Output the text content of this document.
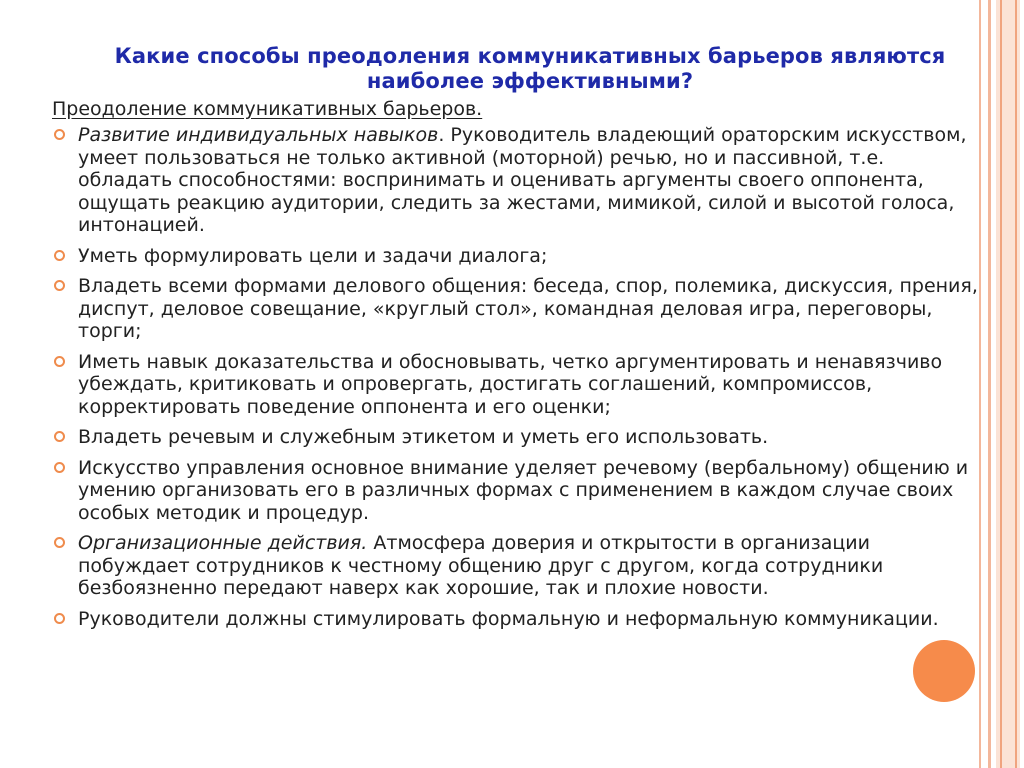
Какие способы преодоления коммуникативных барьеров являются наиболее эффективными?
Преодоление коммуникативных барьеров.
Развитие индивидуальных навыков. Руководитель владеющий ораторским искусством, умеет пользоваться не только активной (моторной) речью, но и пассивной, т.е. обладать способностями: воспринимать и оценивать аргументы своего оппонента, ощущать реакцию аудитории, следить за жестами, мимикой, силой и высотой голоса, интонацией.
Уметь формулировать цели и задачи диалога;
Владеть всеми формами делового общения: беседа, спор, полемика, дискуссия, прения, диспут, деловое совещание, «круглый стол», командная деловая игра, переговоры, торги;
Иметь навык доказательства и обосновывать, четко аргументировать и ненавязчиво убеждать, критиковать и опровергать, достигать соглашений, компромиссов, корректировать поведение оппонента и его оценки;
Владеть речевым и служебным этикетом и уметь его использовать.
Искусство управления основное внимание уделяет речевому (вербальному) общению и умению организовать его в различных формах с применением в каждом случае своих особых методик и процедур.
Организационные действия. Атмосфера доверия и открытости в организации побуждает сотрудников к честному общению друг с другом, когда сотрудники безбоязненно передают наверх как хорошие, так и плохие новости.
Руководители должны стимулировать формальную и неформальную коммуникации.
